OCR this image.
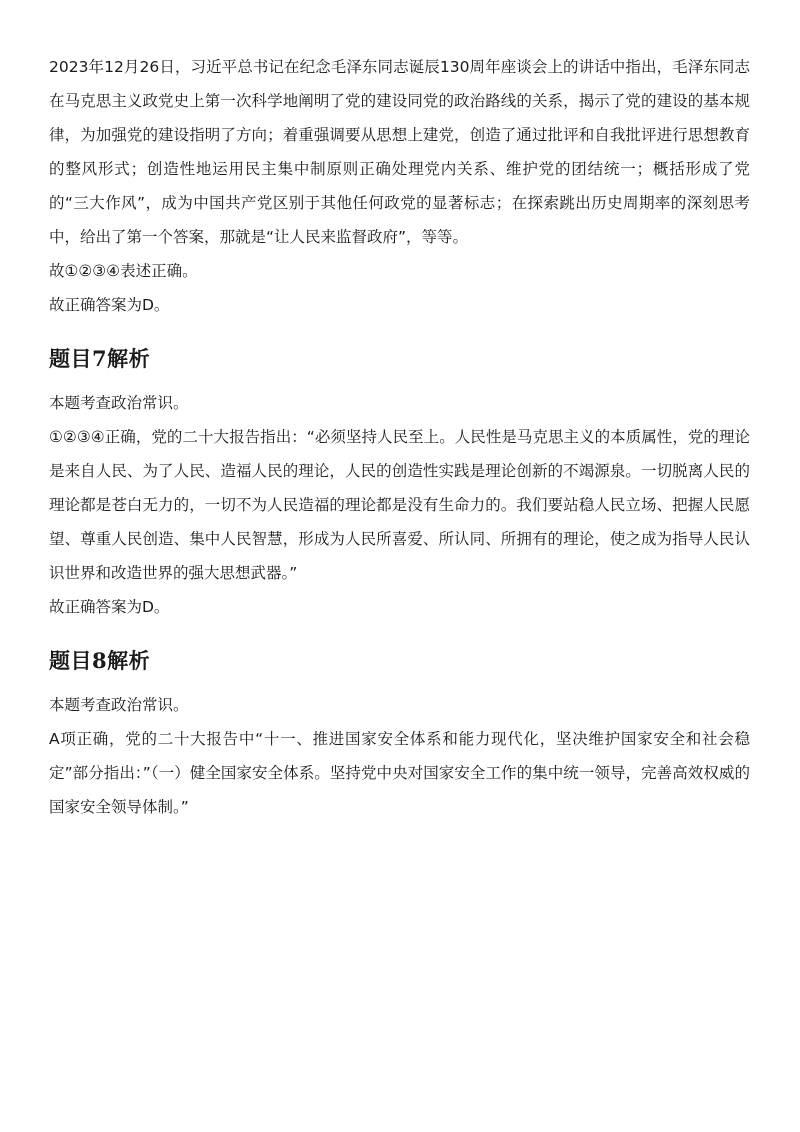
2023年12月26日，习近平总书记在纪念毛泽东同志诞辰130周年座谈会上的讲话中指出，毛泽东同志在马克思主义政党史上第一次科学地阐明了党的建设同党的政治路线的关系，揭示了党的建设的基本规律，为加强党的建设指明了方向；着重强调要从思想上建党，创造了通过批评和自我批评进行思想教育的整风形式；创造性地运用民主集中制原则正确处理党内关系、维护党的团结统一；概括形成了党的“三大作风”，成为中国共产党区别于其他任何政党的显著标志；在探索跳出历史周期率的深刻思考中，给出了第一个答案，那就是“让人民来监督政府”，等等。

故①②③④表述正确。

故正确答案为D。

题目7解析

本题考查政治常识。

①②③④正确，党的二十大报告指出：“必须坚持人民至上。人民性是马克思主义的本质属性，党的理论是来自人民、为了人民、造福人民的理论，人民的创造性实践是理论创新的不竭源泉。一切脱离人民的理论都是苍白无力的，一切不为人民造福的理论都是没有生命力的。我们要站稳人民立场、把握人民愿望、尊重人民创造、集中人民智慧，形成为人民所喜爱、所认同、所拥有的理论，使之成为指导人民认识世界和改造世界的强大思想武器。”

故正确答案为D。

题目8解析

本题考查政治常识。

A项正确，党的二十大报告中“十一、推进国家安全体系和能力现代化，坚决维护国家安全和社会稳定”部分指出：”（一）健全国家安全体系。坚持党中央对国家安全工作的集中统一领导，完善高效权威的国家安全领导体制。”
